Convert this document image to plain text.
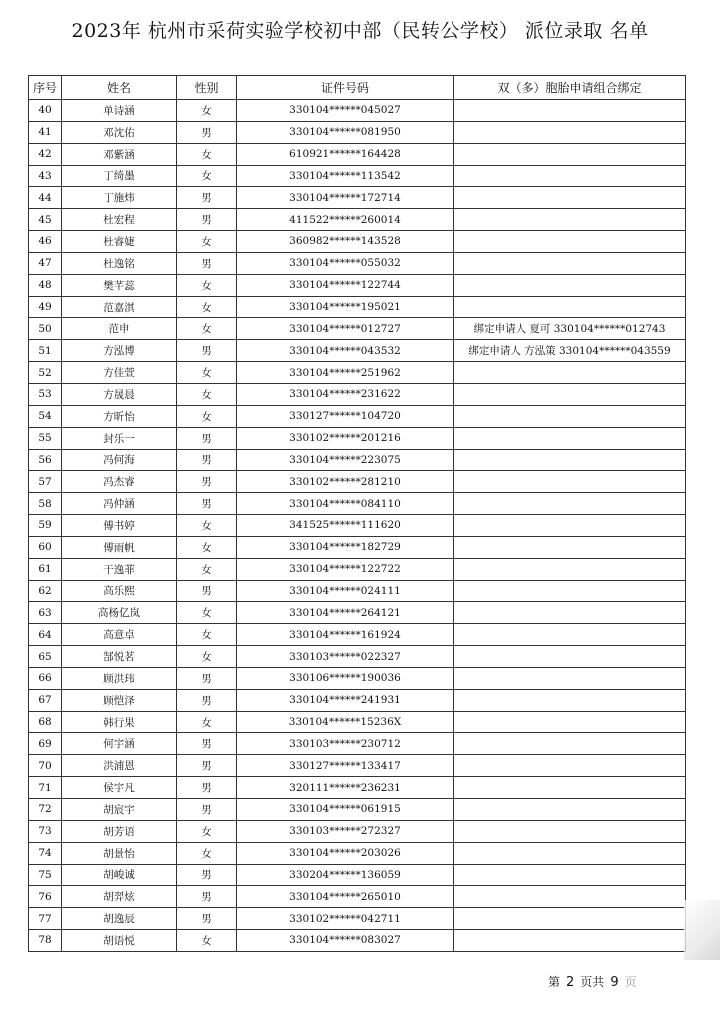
2023年 杭州市采荷实验学校初中部（民转公学校） 派位录取 名单
序号	姓名	性别	证件号码	双（多）胞胎申请组合绑定
40	单诗涵	女	330104******045027	
41	邓沈佑	男	330104******081950	
42	邓紫涵	女	610921******164428	
43	丁绮墨	女	330104******113542	
44	丁施炜	男	330104******172714	
45	杜宏程	男	411522******260014	
46	杜睿婕	女	360982******143528	
47	杜逸铭	男	330104******055032	
48	樊芊蕊	女	330104******122744	
49	范嘉淇	女	330104******195021	
50	范申	女	330104******012727	绑定申请人 夏可 330104******012743
51	方泓博	男	330104******043532	绑定申请人 方泓策 330104******043559
52	方佳萱	女	330104******251962	
53	方晟晨	女	330104******231622	
54	方昕怡	女	330127******104720	
55	封乐一	男	330102******201216	
56	冯何海	男	330104******223075	
57	冯杰睿	男	330102******281210	
58	冯仲涵	男	330104******084110	
59	傅书婷	女	341525******111620	
60	傅雨帆	女	330104******182729	
61	干逸菲	女	330104******122722	
62	高乐熙	男	330104******024111	
63	高杨亿岚	女	330104******264121	
64	高意卓	女	330104******161924	
65	郜悦茗	女	330103******022327	
66	顾洪玮	男	330106******190036	
67	顾恺泽	男	330104******241931	
68	韩行果	女	330104******15236X	
69	何宇涵	男	330103******230712	
70	洪浦恩	男	330127******133417	
71	侯宇凡	男	320111******236231	
72	胡宸宇	男	330104******061915	
73	胡芳语	女	330103******272327	
74	胡景怡	女	330104******203026	
75	胡峻诚	男	330204******136059	
76	胡羿炫	男	330104******265010	
77	胡逸辰	男	330102******042711	
78	胡语悦	女	330104******083027	
第 2 页共 9 页
